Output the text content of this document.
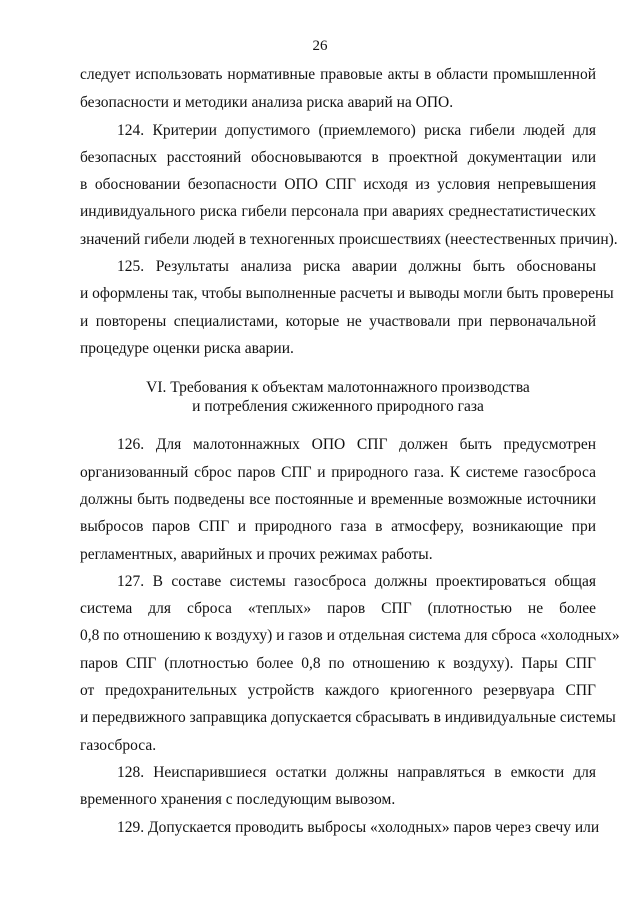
26
следует использовать нормативные правовые акты в области промышленной
безопасности и методики анализа риска аварий на ОПО.
124. Критерии допустимого (приемлемого) риска гибели людей для
безопасных расстояний обосновываются в проектной документации или
в обосновании безопасности ОПО СПГ исходя из условия непревышения
индивидуального риска гибели персонала при авариях среднестатистических
значений гибели людей в техногенных происшествиях (неестественных причин).
125. Результаты анализа риска аварии должны быть обоснованы
и оформлены так, чтобы выполненные расчеты и выводы могли быть проверены
и повторены специалистами, которые не участвовали при первоначальной
процедуре оценки риска аварии.
VI. Требования к объектам малотоннажного производства
и потребления сжиженного природного газа
126. Для малотоннажных ОПО СПГ должен быть предусмотрен
организованный сброс паров СПГ и природного газа. К системе газосброса
должны быть подведены все постоянные и временные возможные источники
выбросов паров СПГ и природного газа в атмосферу, возникающие при
регламентных, аварийных и прочих режимах работы.
127. В составе системы газосброса должны проектироваться общая
система для сброса «теплых» паров СПГ (плотностью не более
0,8 по отношению к воздуху) и газов и отдельная система для сброса «холодных»
паров СПГ (плотностью более 0,8 по отношению к воздуху). Пары СПГ
от предохранительных устройств каждого криогенного резервуара СПГ
и передвижного заправщика допускается сбрасывать в индивидуальные системы
газосброса.
128. Неиспарившиеся остатки должны направляться в емкости для
временного хранения с последующим вывозом.
129. Допускается проводить выбросы «холодных» паров через свечу или
